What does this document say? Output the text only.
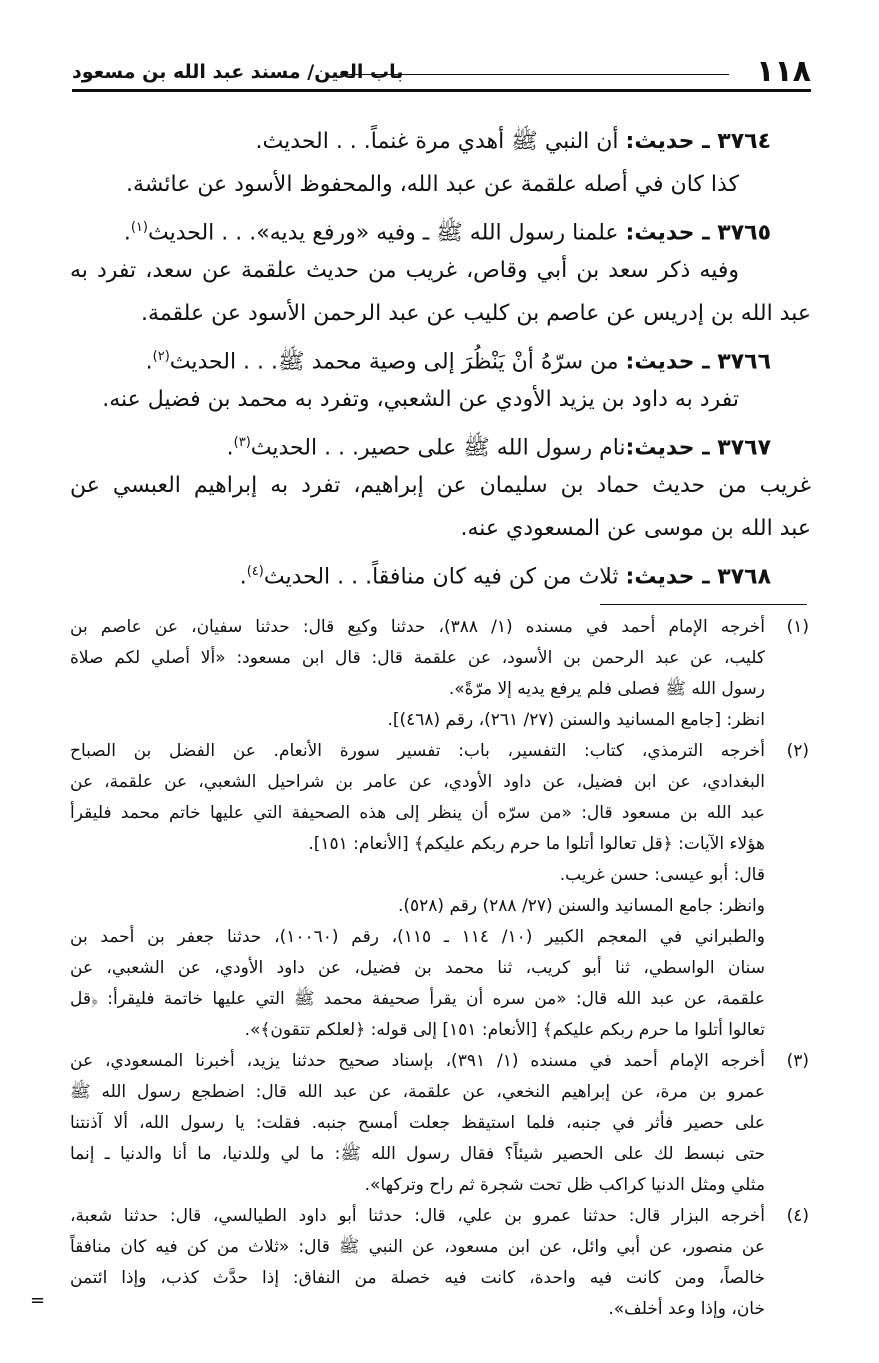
١١٨
باب العين/ مسند عبد الله بن مسعود
٣٧٦٤ ـ حديث: أن النبي ﷺ أهدي مرة غنماً. . . الحديث.
كذا كان في أصله علقمة عن عبد الله، والمحفوظ الأسود عن عائشة.
٣٧٦٥ ـ حديث: علمنا رسول الله ﷺ ـ وفيه «ورفع يديه». . . الحديث$^{(١)}$.
وفيه ذكر سعد بن أبي وقاص، غريب من حديث علقمة عن سعد، تفرد به
عبد الله بن إدريس عن عاصم بن كليب عن عبد الرحمن الأسود عن علقمة.
٣٧٦٦ ـ حديث: من سرّهُ أنْ يَنْظُرَ إلى وصية محمد ﷺ. . . الحديث$^{(٢)}$.
تفرد به داود بن يزيد الأودي عن الشعبي، وتفرد به محمد بن فضيل عنه.
٣٧٦٧ ـ حديث:نام رسول الله ﷺ على حصير. . . الحديث$^{(٣)}$.
غريب من حديث حماد بن سليمان عن إبراهيم، تفرد به إبراهيم العبسي عن
عبد الله بن موسى عن المسعودي عنه.
٣٧٦٨ ـ حديث: ثلاث من كن فيه كان منافقاً. . . الحديث$^{(٤)}$.
(١)
أخرجه الإمام أحمد في مسنده (١/ ٣٨٨)، حدثنا وكيع قال: حدثنا سفيان، عن عاصم بن
كليب، عن عبد الرحمن بن الأسود، عن علقمة قال: قال ابن مسعود: «ألا أصلي لكم صلاة
رسول الله ﷺ فصلى فلم يرفع يديه إلا مرّةً».
انظر: [جامع المسانيد والسنن (٢٧/ ٢٦١)، رقم (٤٦٨)].
(٢)
أخرجه الترمذي، كتاب: التفسير، باب: تفسير سورة الأنعام. عن الفضل بن الصباح
البغدادي، عن ابن فضيل، عن داود الأودي، عن عامر بن شراحيل الشعبي، عن علقمة، عن
عبد الله بن مسعود قال: «من سرّه أن ينظر إلى هذه الصحيفة التي عليها خاتم محمد فليقرأ
هؤلاء الآيات: ﴿قل تعالوا أتلوا ما حرم ربكم عليكم﴾ [الأنعام: ١٥١].
قال: أبو عيسى: حسن غريب.
وانظر: جامع المسانيد والسنن (٢٧/ ٢٨٨) رقم (٥٢٨).
والطبراني في المعجم الكبير (١٠/ ١١٤ ـ ١١٥)، رقم (١٠٠٦٠)، حدثنا جعفر بن أحمد بن
سنان الواسطي، ثنا أبو كريب، ثنا محمد بن فضيل، عن داود الأودي، عن الشعبي، عن
علقمة، عن عبد الله قال: «من سره أن يقرأ صحيفة محمد ﷺ التي عليها خاتمة فليقرأ: ﴿قل
تعالوا أتلوا ما حرم ربكم عليكم﴾ [الأنعام: ١٥١] إلى قوله: ﴿لعلكم تتقون﴾».
(٣)
أخرجه الإمام أحمد في مسنده (١/ ٣٩١)، بإسناد صحيح حدثنا يزيد، أخبرنا المسعودي، عن
عمرو بن مرة، عن إبراهيم النخعي، عن علقمة، عن عبد الله قال: اضطجع رسول الله ﷺ
على حصير فأثر في جنبه، فلما استيقظ جعلت أمسح جنبه. فقلت: يا رسول الله، ألا آذنتنا
حتى نبسط لك على الحصير شيئاً؟ فقال رسول الله ﷺ: ما لي وللدنيا، ما أنا والدنيا ـ إنما
مثلي ومثل الدنيا كراكب ظل تحت شجرة ثم راح وتركها».
(٤)
أخرجه البزار قال: حدثنا عمرو بن علي، قال: حدثنا أبو داود الطيالسي، قال: حدثنا شعبة،
عن منصور، عن أبي وائل، عن ابن مسعود، عن النبي ﷺ قال: «ثلاث من كن فيه كان منافقاً
خالصاً، ومن كانت فيه واحدة، كانت فيه خصلة من النفاق: إذا حدَّث كذب، وإذا ائتمن
خان، وإذا وعد أخلف».
=
